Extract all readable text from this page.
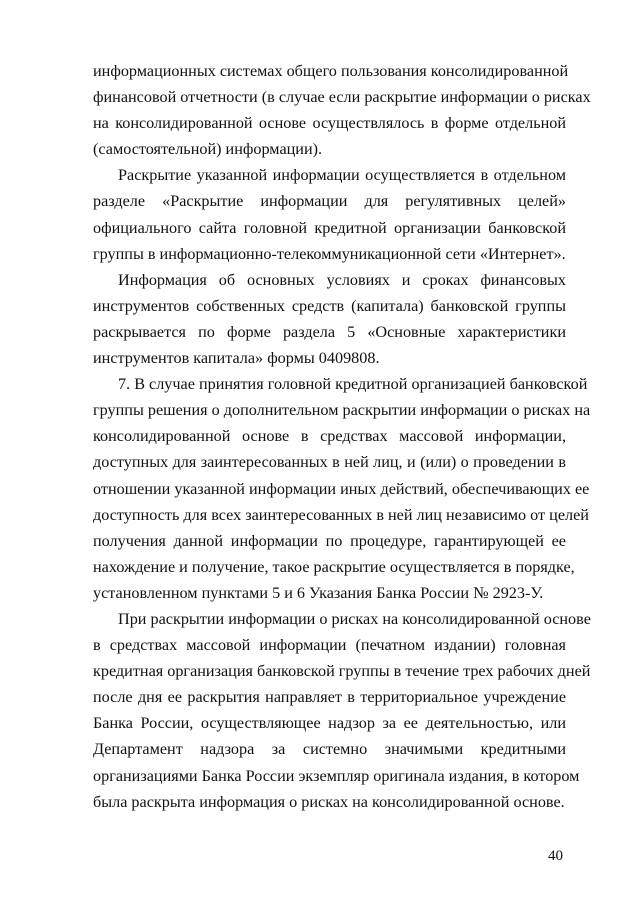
информационных системах общего пользования консолидированной
финансовой отчетности (в случае если раскрытие информации о рисках
на консолидированной основе осуществлялось в форме отдельной
(самостоятельной) информации).

Раскрытие указанной информации осуществляется в отдельном
разделе «Раскрытие информации для регулятивных целей»
официального сайта головной кредитной организации банковской
группы в информационно-телекоммуникационной сети «Интернет».

Информация об основных условиях и сроках финансовых
инструментов собственных средств (капитала) банковской группы
раскрывается по форме раздела 5 «Основные характеристики
инструментов капитала» формы 0409808.

7. В случае принятия головной кредитной организацией банковской
группы решения о дополнительном раскрытии информации о рисках на
консолидированной основе в средствах массовой информации,
доступных для заинтересованных в ней лиц, и (или) о проведении в
отношении указанной информации иных действий, обеспечивающих ее
доступность для всех заинтересованных в ней лиц независимо от целей
получения данной информации по процедуре, гарантирующей ее
нахождение и получение, такое раскрытие осуществляется в порядке,
установленном пунктами 5 и 6 Указания Банка России № 2923-У.

При раскрытии информации о рисках на консолидированной основе
в средствах массовой информации (печатном издании) головная
кредитная организация банковской группы в течение трех рабочих дней
после дня ее раскрытия направляет в территориальное учреждение
Банка России, осуществляющее надзор за ее деятельностью, или
Департамент надзора за системно значимыми кредитными
организациями Банка России экземпляр оригинала издания, в котором
была раскрыта информация о рисках на консолидированной основе.

40
